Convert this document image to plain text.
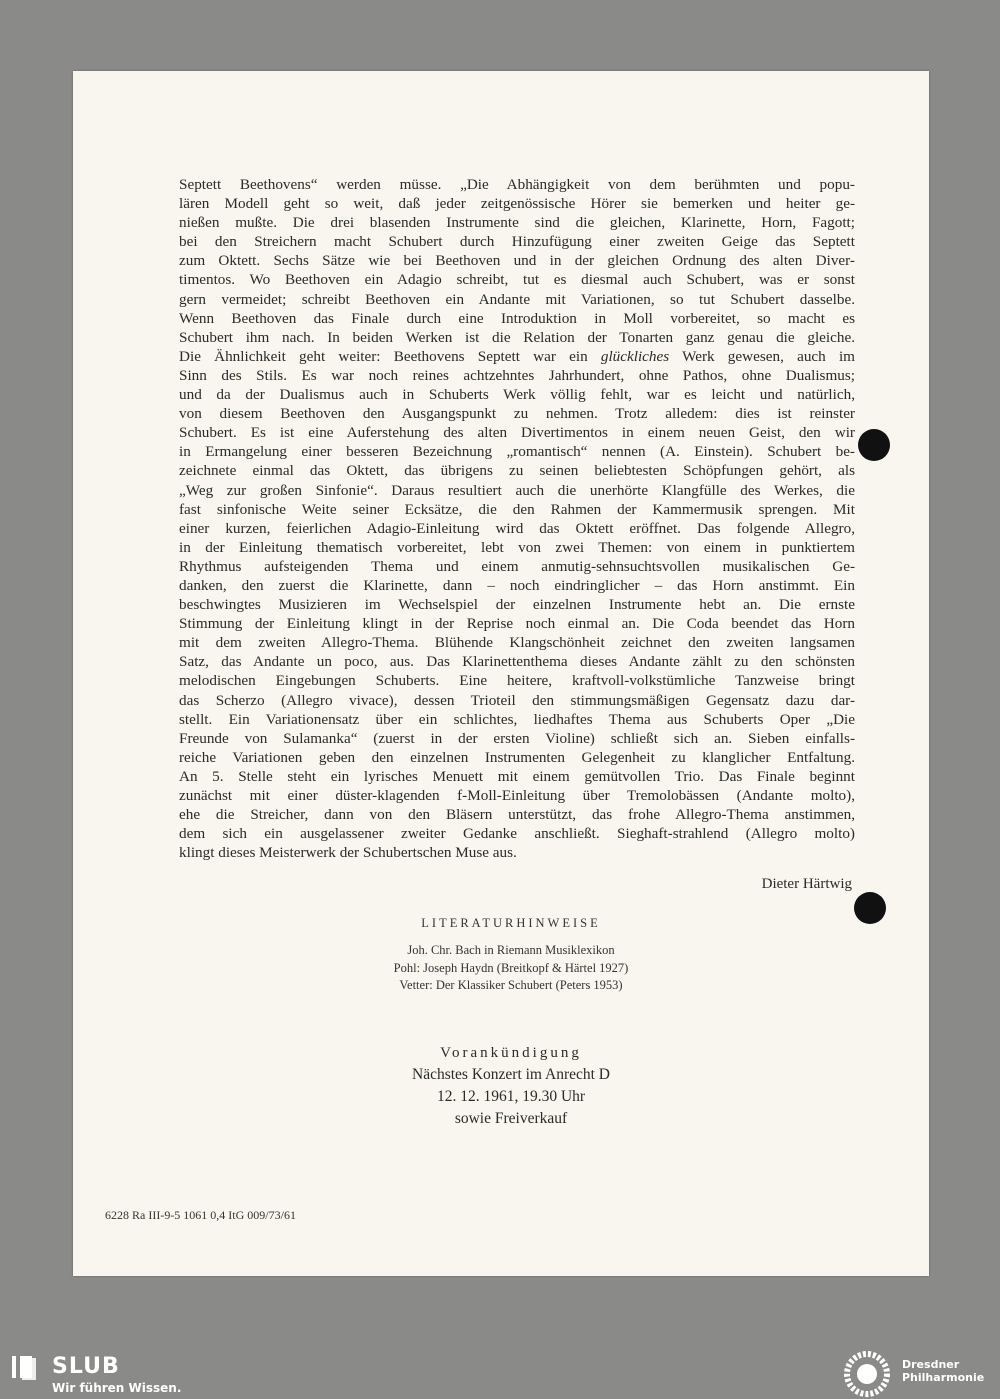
Septett Beethovens“ werden müsse. „Die Abhängigkeit von dem berühmten und popu-
lären Modell geht so weit, daß jeder zeitgenössische Hörer sie bemerken und heiter ge-
nießen mußte. Die drei blasenden Instrumente sind die gleichen, Klarinette, Horn, Fagott;
bei den Streichern macht Schubert durch Hinzufügung einer zweiten Geige das Septett
zum Oktett. Sechs Sätze wie bei Beethoven und in der gleichen Ordnung des alten Diver-
timentos. Wo Beethoven ein Adagio schreibt, tut es diesmal auch Schubert, was er sonst
gern vermeidet; schreibt Beethoven ein Andante mit Variationen, so tut Schubert dasselbe.
Wenn Beethoven das Finale durch eine Introduktion in Moll vorbereitet, so macht es
Schubert ihm nach. In beiden Werken ist die Relation der Tonarten ganz genau die gleiche.
Die Ähnlichkeit geht weiter: Beethovens Septett war ein glückliches Werk gewesen, auch im
Sinn des Stils. Es war noch reines achtzehntes Jahrhundert, ohne Pathos, ohne Dualismus;
und da der Dualismus auch in Schuberts Werk völlig fehlt, war es leicht und natürlich,
von diesem Beethoven den Ausgangspunkt zu nehmen. Trotz alledem: dies ist reinster
Schubert. Es ist eine Auferstehung des alten Divertimentos in einem neuen Geist, den wir
in Ermangelung einer besseren Bezeichnung „romantisch“ nennen (A. Einstein). Schubert be-
zeichnete einmal das Oktett, das übrigens zu seinen beliebtesten Schöpfungen gehört, als
„Weg zur großen Sinfonie“. Daraus resultiert auch die unerhörte Klangfülle des Werkes, die
fast sinfonische Weite seiner Ecksätze, die den Rahmen der Kammermusik sprengen. Mit
einer kurzen, feierlichen Adagio-Einleitung wird das Oktett eröffnet. Das folgende Allegro,
in der Einleitung thematisch vorbereitet, lebt von zwei Themen: von einem in punktiertem
Rhythmus aufsteigenden Thema und einem anmutig-sehnsuchtsvollen musikalischen Ge-
danken, den zuerst die Klarinette, dann – noch eindringlicher – das Horn anstimmt. Ein
beschwingtes Musizieren im Wechselspiel der einzelnen Instrumente hebt an. Die ernste
Stimmung der Einleitung klingt in der Reprise noch einmal an. Die Coda beendet das Horn
mit dem zweiten Allegro-Thema. Blühende Klangschönheit zeichnet den zweiten langsamen
Satz, das Andante un poco, aus. Das Klarinettenthema dieses Andante zählt zu den schönsten
melodischen Eingebungen Schuberts. Eine heitere, kraftvoll-volkstümliche Tanzweise bringt
das Scherzo (Allegro vivace), dessen Trioteil den stimmungsmäßigen Gegensatz dazu dar-
stellt. Ein Variationensatz über ein schlichtes, liedhaftes Thema aus Schuberts Oper „Die
Freunde von Sulamanka“ (zuerst in der ersten Violine) schließt sich an. Sieben einfalls-
reiche Variationen geben den einzelnen Instrumenten Gelegenheit zu klanglicher Entfaltung.
An 5. Stelle steht ein lyrisches Menuett mit einem gemütvollen Trio. Das Finale beginnt
zunächst mit einer düster-klagenden f-Moll-Einleitung über Tremolobässen (Andante molto),
ehe die Streicher, dann von den Bläsern unterstützt, das frohe Allegro-Thema anstimmen,
dem sich ein ausgelassener zweiter Gedanke anschließt. Sieghaft-strahlend (Allegro molto)
klingt dieses Meisterwerk der Schubertschen Muse aus.
Dieter Härtwig
LITERATURHINWEISE
Joh. Chr. Bach in Riemann Musiklexikon
Pohl: Joseph Haydn (Breitkopf & Härtel 1927)
Vetter: Der Klassiker Schubert (Peters 1953)
Vorankündigung
Nächstes Konzert im Anrecht D
12. 12. 1961, 19.30 Uhr
sowie Freiverkauf
6228 Ra III-9-5 1061 0,4 ItG 009/73/61
SLUB
Wir führen Wissen.
Dresdner
Philharmonie
